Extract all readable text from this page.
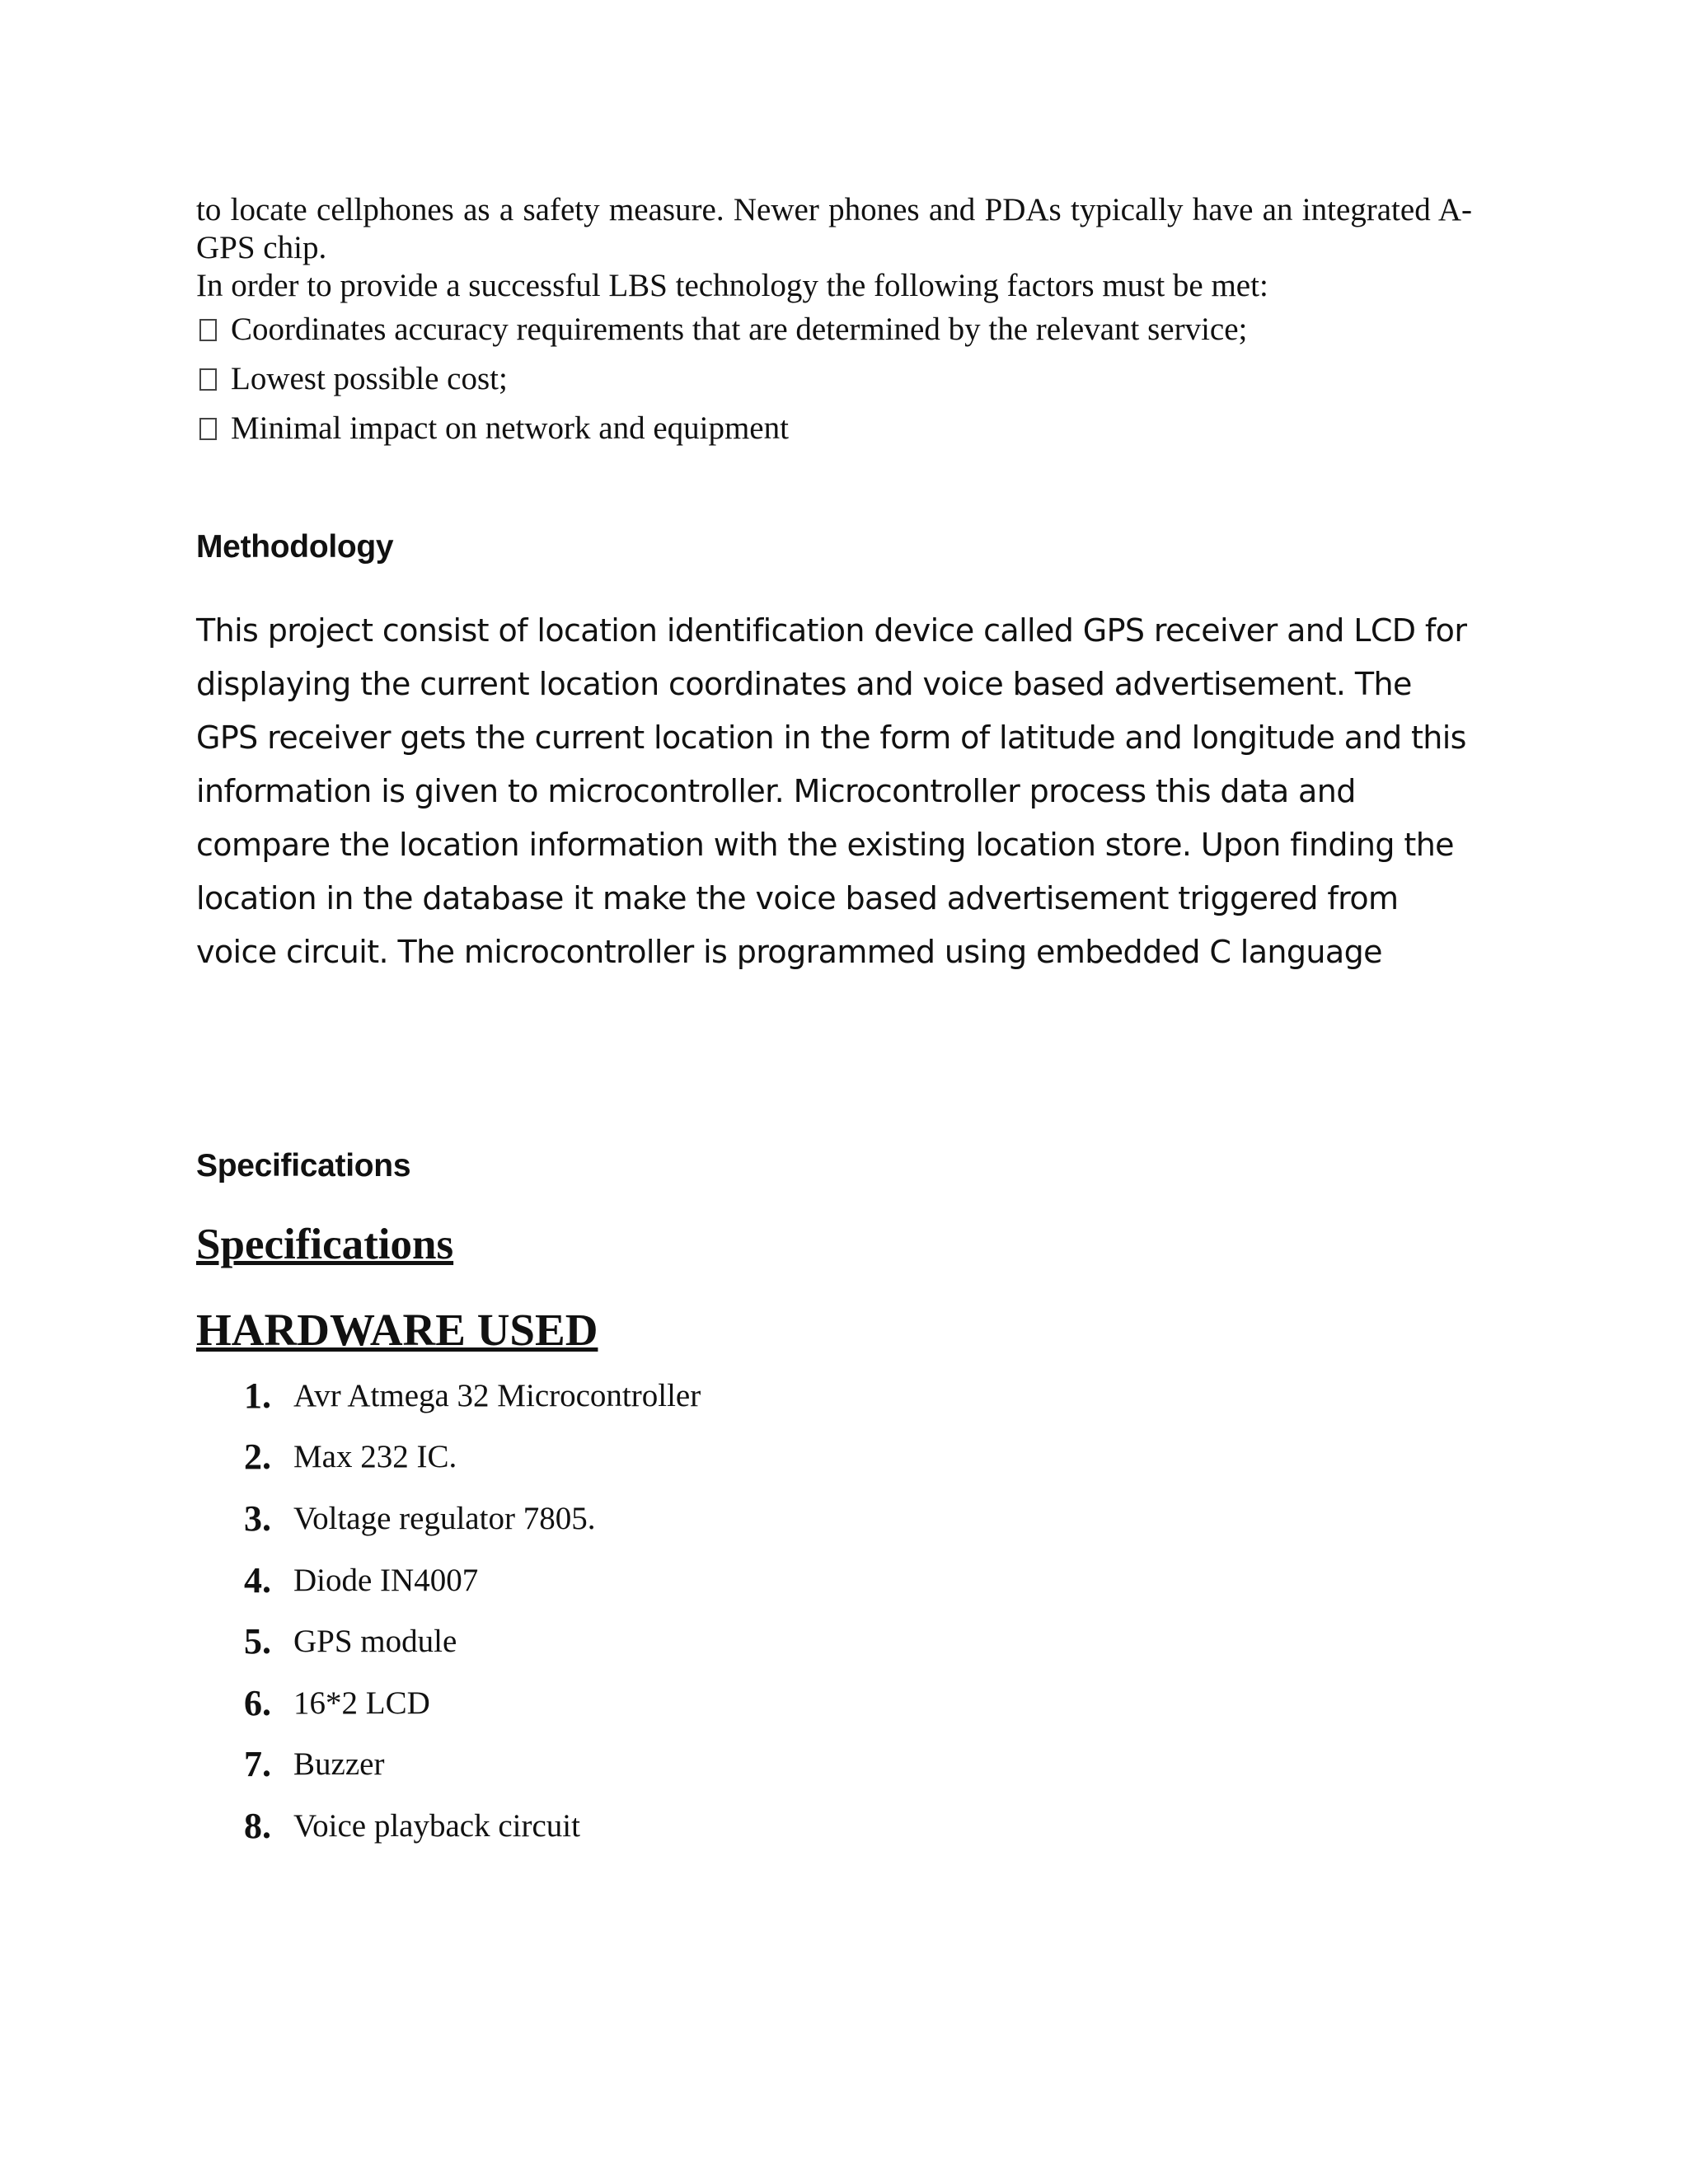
to locate cellphones as a safety measure. Newer phones and PDAs typically have an integrated A-GPS chip.

In order to provide a successful LBS technology the following factors must be met:

Coordinates accuracy requirements that are determined by the relevant service;
Lowest possible cost;
Minimal impact on network and equipment
Methodology

This project consist of location identification device called GPS receiver and LCD for displaying the current location coordinates and voice based advertisement. The GPS receiver gets the current location in the form of latitude and longitude and this information is given to microcontroller. Microcontroller process this data and compare the location information with the existing location store. Upon finding the location in the database it make the voice based advertisement triggered from voice circuit. The microcontroller is programmed using embedded C language

Specifications
Specifications
HARDWARE USED
1. Avr Atmega 32 Microcontroller
2. Max 232 IC.
3. Voltage regulator 7805.
4. Diode IN4007
5. GPS module
6. 16*2 LCD
7. Buzzer
8. Voice playback circuit
